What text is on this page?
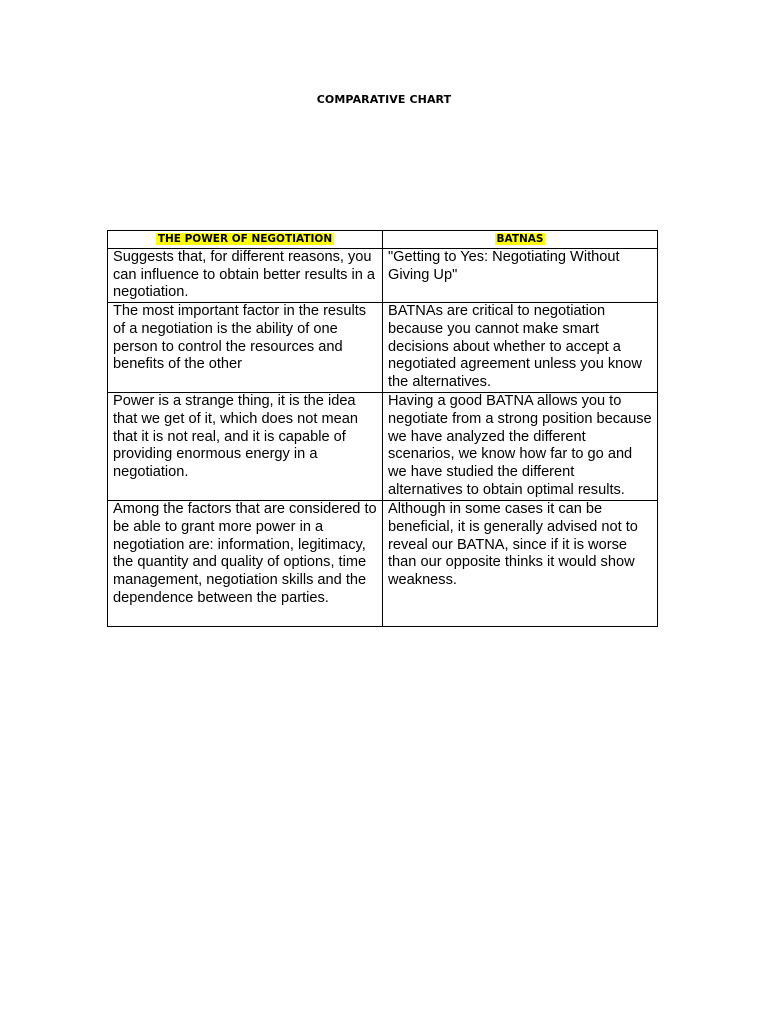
COMPARATIVE CHART
THE POWER OF NEGOTIATION	BATNAS
Suggests that, for different reasons, you can influence to obtain better results in a negotiation.	"Getting to Yes: Negotiating Without Giving Up"
The most important factor in the results of a negotiation is the ability of one person to control the resources and benefits of the other	BATNAs are critical to negotiation because you cannot make smart decisions about whether to accept a negotiated agreement unless you know the alternatives.
Power is a strange thing, it is the idea that we get of it, which does not mean that it is not real, and it is capable of providing enormous energy in a negotiation.	Having a good BATNA allows you to negotiate from a strong position because we have analyzed the different scenarios, we know how far to go and we have studied the different alternatives to obtain optimal results.
Among the factors that are considered to be able to grant more power in a negotiation are: information, legitimacy, the quantity and quality of options, time management, negotiation skills and the dependence between the parties.	Although in some cases it can be beneficial, it is generally advised not to reveal our BATNA, since if it is worse than our opposite thinks it would show weakness.
